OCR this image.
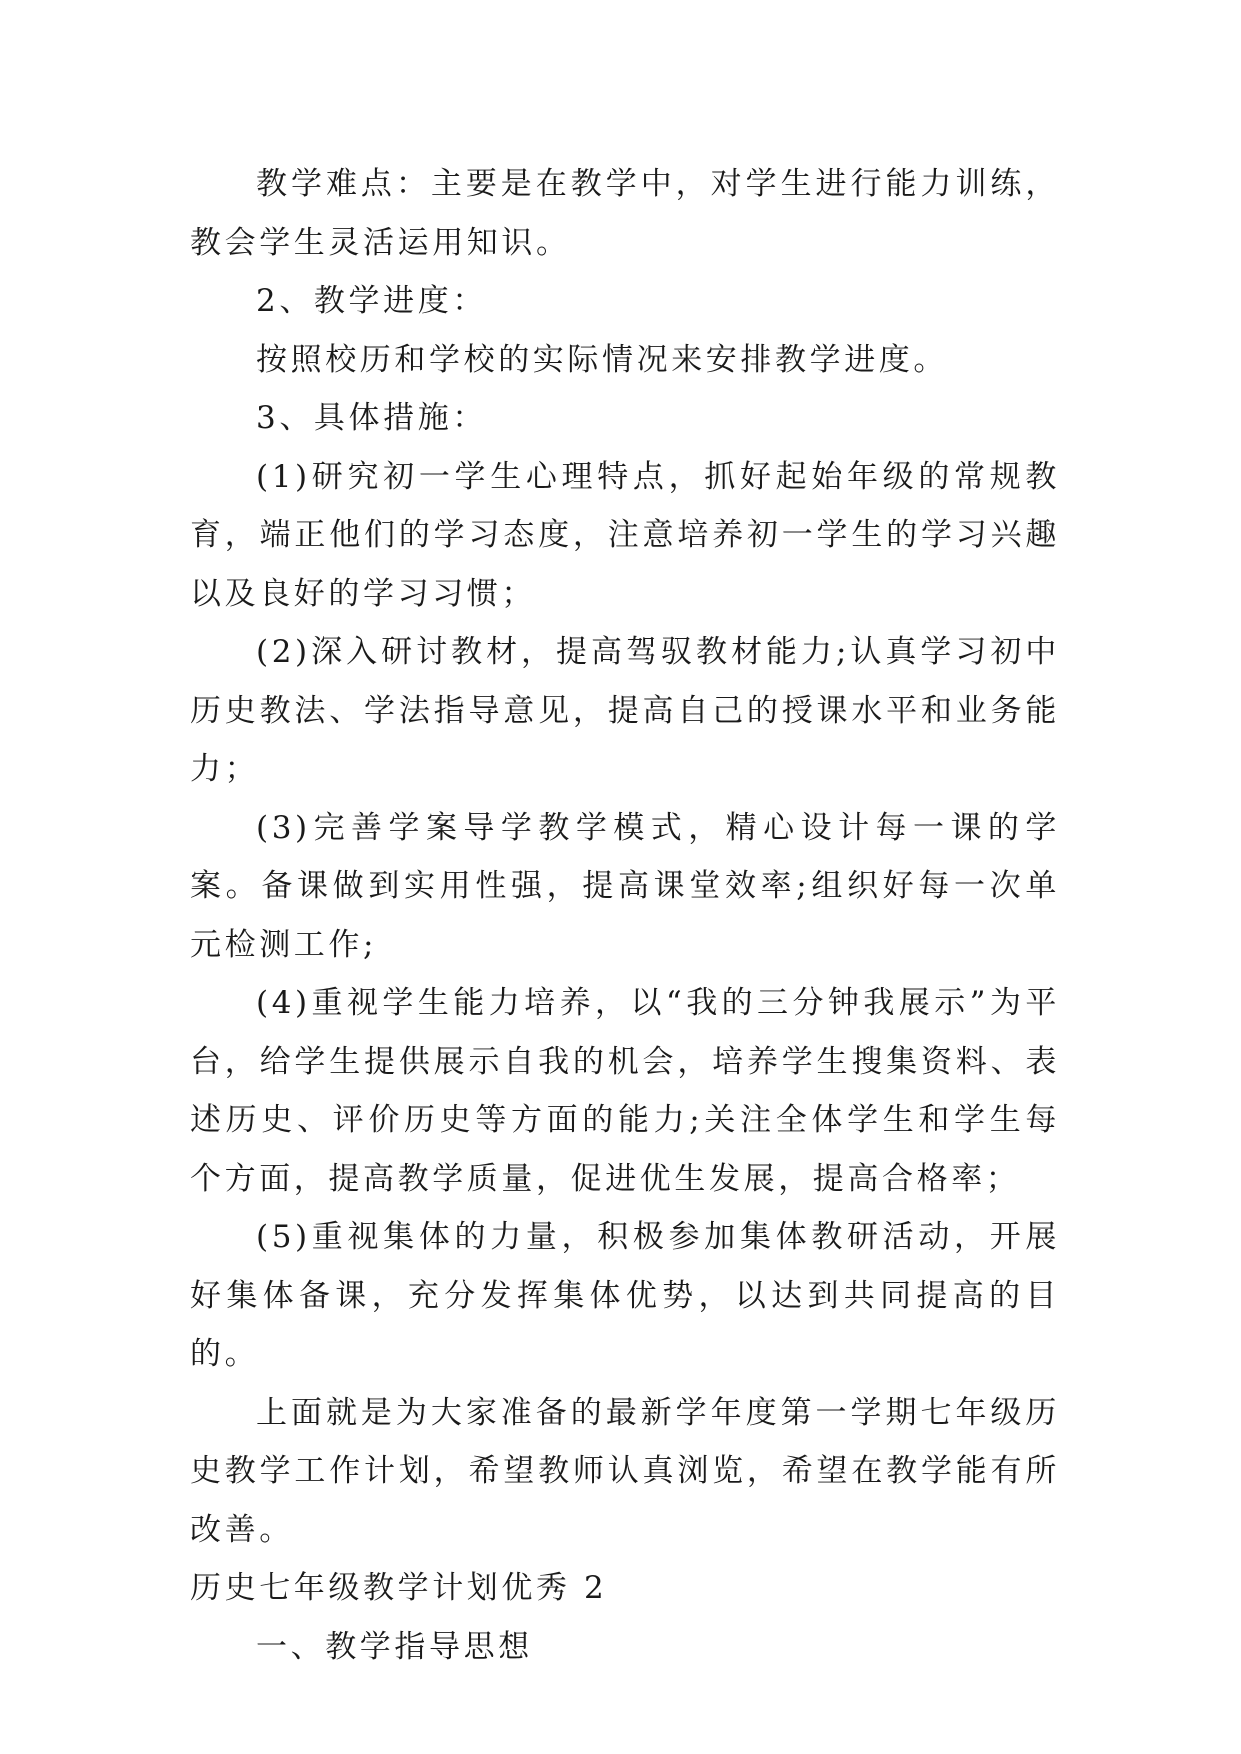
教学难点：主要是在教学中，对学生进行能力训练，教会学生灵活运用知识。

2、教学进度：

按照校历和学校的实际情况来安排教学进度。

3、具体措施：

(1)研究初一学生心理特点，抓好起始年级的常规教育，端正他们的学习态度，注意培养初一学生的学习兴趣以及良好的学习习惯；

(2)深入研讨教材，提高驾驭教材能力;认真学习初中历史教法、学法指导意见，提高自己的授课水平和业务能力；

(3)完善学案导学教学模式，精心设计每一课的学案。备课做到实用性强，提高课堂效率;组织好每一次单元检测工作;

(4)重视学生能力培养，以“我的三分钟我展示”为平台，给学生提供展示自我的机会，培养学生搜集资料、表述历史、评价历史等方面的能力;关注全体学生和学生每个方面，提高教学质量，促进优生发展，提高合格率；

(5)重视集体的力量，积极参加集体教研活动，开展好集体备课，充分发挥集体优势，以达到共同提高的目的。

上面就是为大家准备的最新学年度第一学期七年级历史教学工作计划，希望教师认真浏览，希望在教学能有所改善。

历史七年级教学计划优秀 2

一、教学指导思想
